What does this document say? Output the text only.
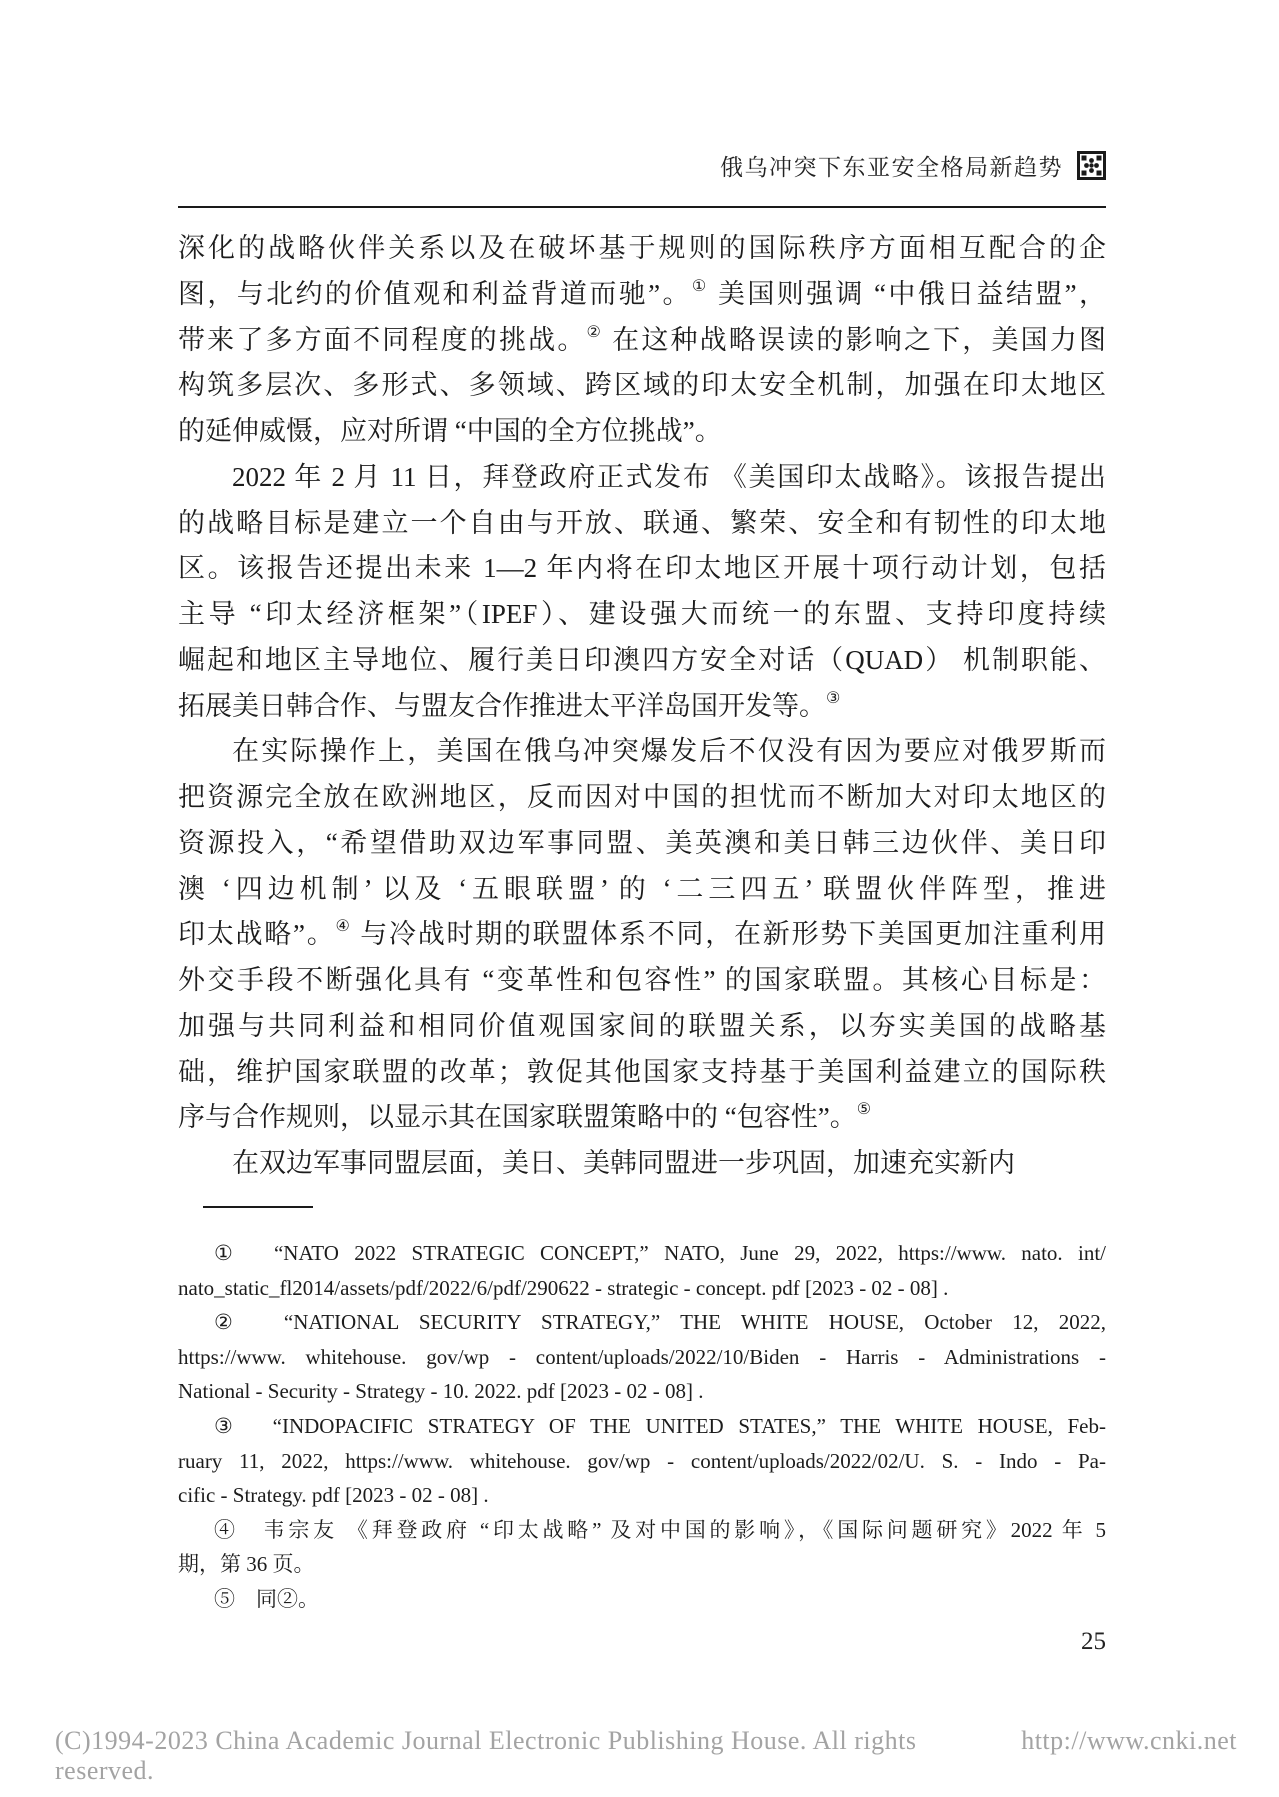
俄乌冲突下东亚安全格局新趋势
深化的战略伙伴关系以及在破坏基于规则的国际秩序方面相互配合的企
图，与北约的价值观和利益背道而驰”。① 美国则强调 “中俄日益结盟”，
带来了多方面不同程度的挑战。② 在这种战略误读的影响之下，美国力图
构筑多层次、多形式、多领域、跨区域的印太安全机制，加强在印太地区
的延伸威慑，应对所谓 “中国的全方位挑战”。
2022 年 2 月 11 日，拜登政府正式发布 《美国印太战略》。该报告提出
的战略目标是建立一个自由与开放、联通、繁荣、安全和有韧性的印太地
区。该报告还提出未来 1—2 年内将在印太地区开展十项行动计划，包括
主导 “印太经济框架”（IPEF）、建设强大而统一的东盟、支持印度持续
崛起和地区主导地位、履行美日印澳四方安全对话（QUAD） 机制职能、
拓展美日韩合作、与盟友合作推进太平洋岛国开发等。③
在实际操作上，美国在俄乌冲突爆发后不仅没有因为要应对俄罗斯而
把资源完全放在欧洲地区，反而因对中国的担忧而不断加大对印太地区的
资源投入，“希望借助双边军事同盟、美英澳和美日韩三边伙伴、美日印
澳 ‘四边机制’ 以及 ‘五眼联盟’ 的 ‘二三四五’ 联盟伙伴阵型，推进
印太战略”。④ 与冷战时期的联盟体系不同，在新形势下美国更加注重利用
外交手段不断强化具有 “变革性和包容性” 的国家联盟。其核心目标是：
加强与共同利益和相同价值观国家间的联盟关系，以夯实美国的战略基
础，维护国家联盟的改革；敦促其他国家支持基于美国利益建立的国际秩
序与合作规则，以显示其在国家联盟策略中的 “包容性”。⑤
在双边军事同盟层面，美日、美韩同盟进一步巩固，加速充实新内
①　“NATO 2022 STRATEGIC CONCEPT,” NATO, June 29, 2022, https://www. nato. int/
nato_static_fl2014/assets/pdf/2022/6/pdf/290622 - strategic - concept. pdf [2023 - 02 - 08] .
②　“NATIONAL SECURITY STRATEGY,” THE WHITE HOUSE, October 12, 2022,
https://www. whitehouse. gov/wp - content/uploads/2022/10/Biden - Harris - Administrations -
National - Security - Strategy - 10. 2022. pdf [2023 - 02 - 08] .
③　“INDOPACIFIC STRATEGY OF THE UNITED STATES,” THE WHITE HOUSE, Feb-
ruary 11, 2022, https://www. whitehouse. gov/wp - content/uploads/2022/02/U. S. - Indo - Pa-
cific - Strategy. pdf [2023 - 02 - 08] .
④　韦宗友 《拜登政府 “印太战略” 及对中国的影响》，《国际问题研究》2022 年 5
期，第 36 页。
⑤　同②。
25
(C)1994-2023 China Academic Journal Electronic Publishing House. All rights reserved.
http://www.cnki.net
